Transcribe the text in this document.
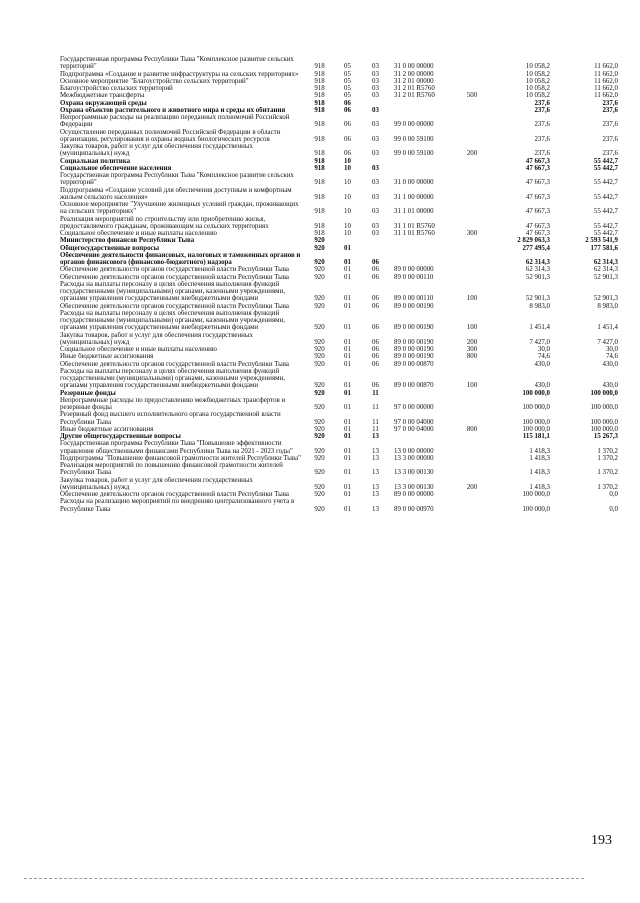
Государственная программа Республики Тыва "Комплексное развитие сельских территорий"	918	05	03	31 0 00 00000		10 058,2	11 662,0
Подпрограмма «Создание и развитие инфраструктуры на сельских территориях»	918	05	03	31 2 00 00000		10 058,2	11 662,0
Основное мероприятие "Благоустройство сельских территорий"	918	05	03	31 2 01 00000		10 058,2	11 662,0
Благоустройство сельских территорий	918	05	03	31 2 01 R5760		10 058,2	11 662,0
Межбюджетные трансферты	918	05	03	31 2 01 R5760	500	10 058,2	11 662,0
Охрана окружающей среды	918	06				237,6	237,6
Охрана объектов растительного и животного мира и среды их обитания	918	06	03			237,6	237,6
Непрограммные расходы на реализацию переданных полномочий Российской Федерации	918	06	03	99 0 00 00000		237,6	237,6
Осуществление переданных полномочий Российской Федерации в области организации, регулирования и охраны водных биологических ресурсов	918	06	03	99 0 00 59100		237,6	237,6
Закупка товаров, работ и услуг для обеспечения государственных (муниципальных) нужд	918	06	03	99 0 00 59100	200	237,6	237,6
Социальная политика	918	10				47 667,3	55 442,7
Социальное обеспечение населения	918	10	03			47 667,3	55 442,7
Государственная программа Республики Тыва "Комплексное развитие сельских территорий"	918	10	03	31 0 00 00000		47 667,3	55 442,7
Подпрограмма «Создание условий для обеспечения доступным и комфортным жильем сельского населения»	918	10	03	31 1 00 00000		47 667,3	55 442,7
Основное мероприятие "Улучшение жилищных условий граждан, проживающих на сельских территориях"	918	10	03	31 1 01 00000		47 667,3	55 442,7
Реализация мероприятий по строительству или приобретению жилья, предоставляемого гражданам, проживающим на сельских территориях	918	10	03	31 1 01 R5760		47 667,3	55 442,7
Социальное обеспечение и иные выплаты населению	918	10	03	31 1 01 R5760	300	47 667,3	55 442,7
Министерство финансов Республики Тыва	920					2 829 063,3	2 593 541,9
Общегосударственные вопросы	920	01				277 495,4	177 581,6
Обеспечение деятельности финансовых, налоговых и таможенных органов и органов финансового (финансово-бюджетного) надзора	920	01	06			62 314,3	62 314,3
Обеспечение деятельности органов государственной власти Республики Тыва	920	01	06	89 0 00 00000		62 314,3	62 314,3
Обеспечение деятельности органов государственной власти Республики Тыва	920	01	06	89 0 00 00110		52 901,3	52 901,3
Расходы на выплаты персоналу в целях обеспечения выполнения функций государственными (муниципальными) органами, казенными учреждениями, органами управления государственными внебюджетными фондами	920	01	06	89 0 00 00110	100	52 901,3	52 901,3
Обеспечение деятельности органов государственной власти Республики Тыва	920	01	06	89 0 00 00190		8 983,0	8 983,0
Расходы на выплаты персоналу в целях обеспечения выполнения функций государственными (муниципальными) органами, казенными учреждениями, органами управления государственными внебюджетными фондами	920	01	06	89 0 00 00190	100	1 451,4	1 451,4
Закупка товаров, работ и услуг для обеспечения государственных (муниципальных) нужд	920	01	06	89 0 00 00190	200	7 427,0	7 427,0
Социальное обеспечение и иные выплаты населению	920	01	06	89 0 00 00190	300	30,0	30,0
Иные бюджетные ассигнования	920	01	06	89 0 00 00190	800	74,6	74,6
Обеспечение деятельности органов государственной власти Республики Тыва	920	01	06	89 0 00 00870		430,0	430,0
Расходы на выплаты персоналу в целях обеспечения выполнения функций государственными (муниципальными) органами, казенными учреждениями, органами управления государственными внебюджетными фондами	920	01	06	89 0 00 00870	100	430,0	430,0
Резервные фонды	920	01	11			100 000,0	100 000,0
Непрограммные расходы по предоставлению межбюджетных трансфертов и резервные фонды	920	01	11	97 0 00 00000		100 000,0	100 000,0
Резервный фонд высшего исполнительного органа государственной власти Республики Тыва	920	01	11	97 0 00 04000		100 000,0	100 000,0
Иные бюджетные ассигнования	920	01	11	97 0 00 04000	800	100 000,0	100 000,0
Другие общегосударственные вопросы	920	01	13			115 181,1	15 267,3
Государственная программа Республики Тыва "Повышение эффективности управления общественными финансами Республики Тыва на 2021 - 2023 годы"	920	01	13	13 0 00 00000		1 418,3	1 370,2
Подпрограмма "Повышение финансовой грамотности жителей Республики Тыва"	920	01	13	13 3 00 00000		1 418,3	1 370,2
Реализация мероприятий по повышению финансовой грамотности жителей Республики Тыва	920	01	13	13 3 00 00130		1 418,3	1 370,2
Закупка товаров, работ и услуг для обеспечения государственных (муниципальных) нужд	920	01	13	13 3 00 00130	200	1 418,3	1 370,2
Обеспечение деятельности органов государственной власти Республики Тыва	920	01	13	89 0 00 00000		100 000,0	0,0
Расходы на реализацию мероприятий по внедрению централизованного учета в Республике Тыва	920	01	13	89 0 00 00970		100 000,0	0,0
193
